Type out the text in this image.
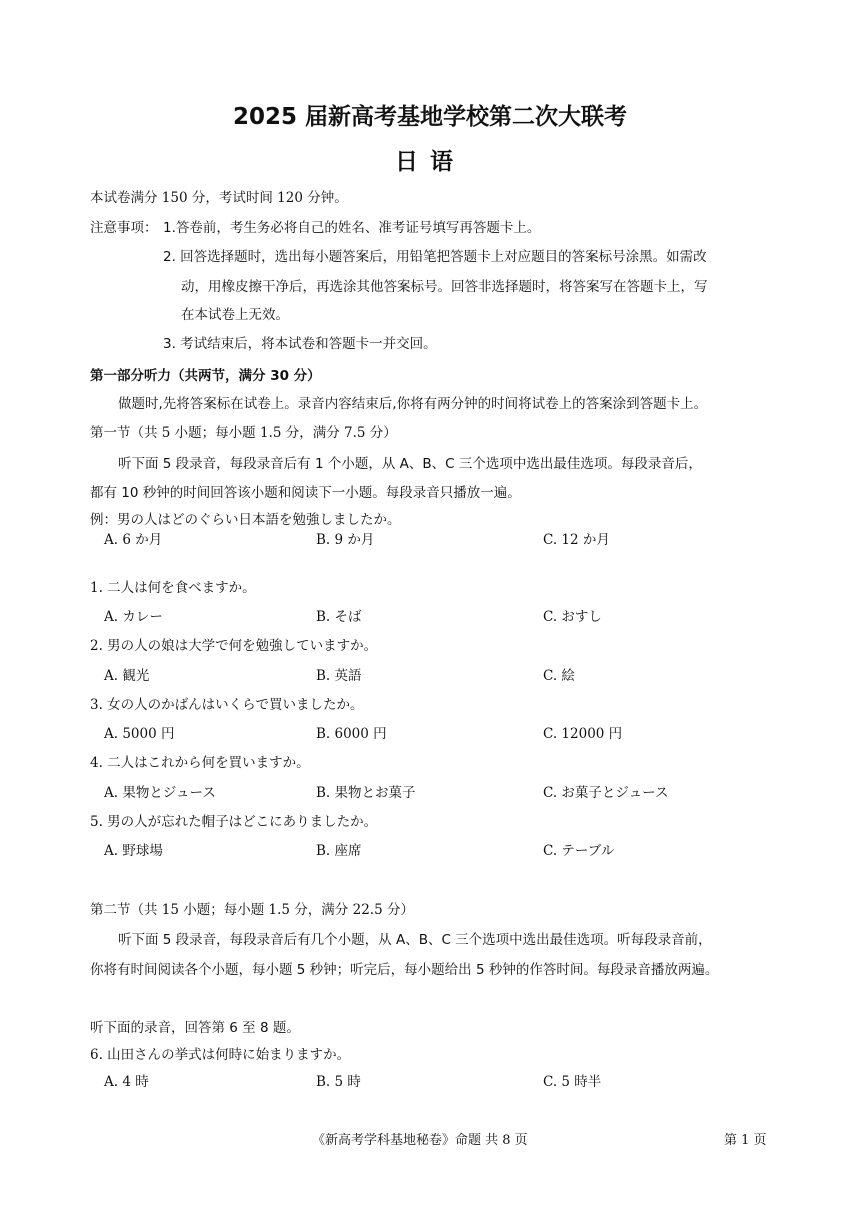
2025 届新高考基地学校第二次大联考
日语
本试卷满分 150 分，考试时间 120 分钟。
注意事项： 1.答卷前，考生务必将自己的姓名、准考证号填写再答题卡上。
2. 回答选择题时，选出每小题答案后，用铅笔把答题卡上对应题目的答案标号涂黑。如需改
动，用橡皮擦干净后，再选涂其他答案标号。回答非选择题时，将答案写在答题卡上，写
在本试卷上无效。
3. 考试结束后，将本试卷和答题卡一并交回。
第一部分听力（共两节，满分 30 分）
做题时,先将答案标在试卷上。录音内容结束后,你将有两分钟的时间将试卷上的答案涂到答题卡上。
第一节（共 5 小题；每小题 1.5 分，满分 7.5 分）
听下面 5 段录音，每段录音后有 1 个小题，从 A、B、C 三个选项中选出最佳选项。每段录音后，
都有 10 秒钟的时间回答该小题和阅读下一小题。每段录音只播放一遍。
例：男の人はどのぐらい日本語を勉強しましたか。
A. 6 か月	B. 9 か月	C. 12 か月
1. 二人は何を食べますか。
A. カレー	B. そば	C. おすし
2. 男の人の娘は大学で何を勉強していますか。
A. 観光	B. 英語	C. 絵
3. 女の人のかばんはいくらで買いましたか。
A. 5000 円	B. 6000 円	C. 12000 円
4. 二人はこれから何を買いますか。
A. 果物とジュース	B. 果物とお菓子	C. お菓子とジュース
5. 男の人が忘れた帽子はどこにありましたか。
A. 野球場	B. 座席	C. テーブル
第二节（共 15 小题；每小题 1.5 分，满分 22.5 分）
听下面 5 段录音，每段录音后有几个小题，从 A、B、C 三个选项中选出最佳选项。听每段录音前，
你将有时间阅读各个小题，每小题 5 秒钟；听完后，每小题给出 5 秒钟的作答时间。每段录音播放两遍。
听下面的录音，回答第 6 至 8 题。
6. 山田さんの挙式は何時に始まりますか。
A. 4 時	B. 5 時	C. 5 時半
《新高考学科基地秘卷》命题 共 8 页	第 1 页
